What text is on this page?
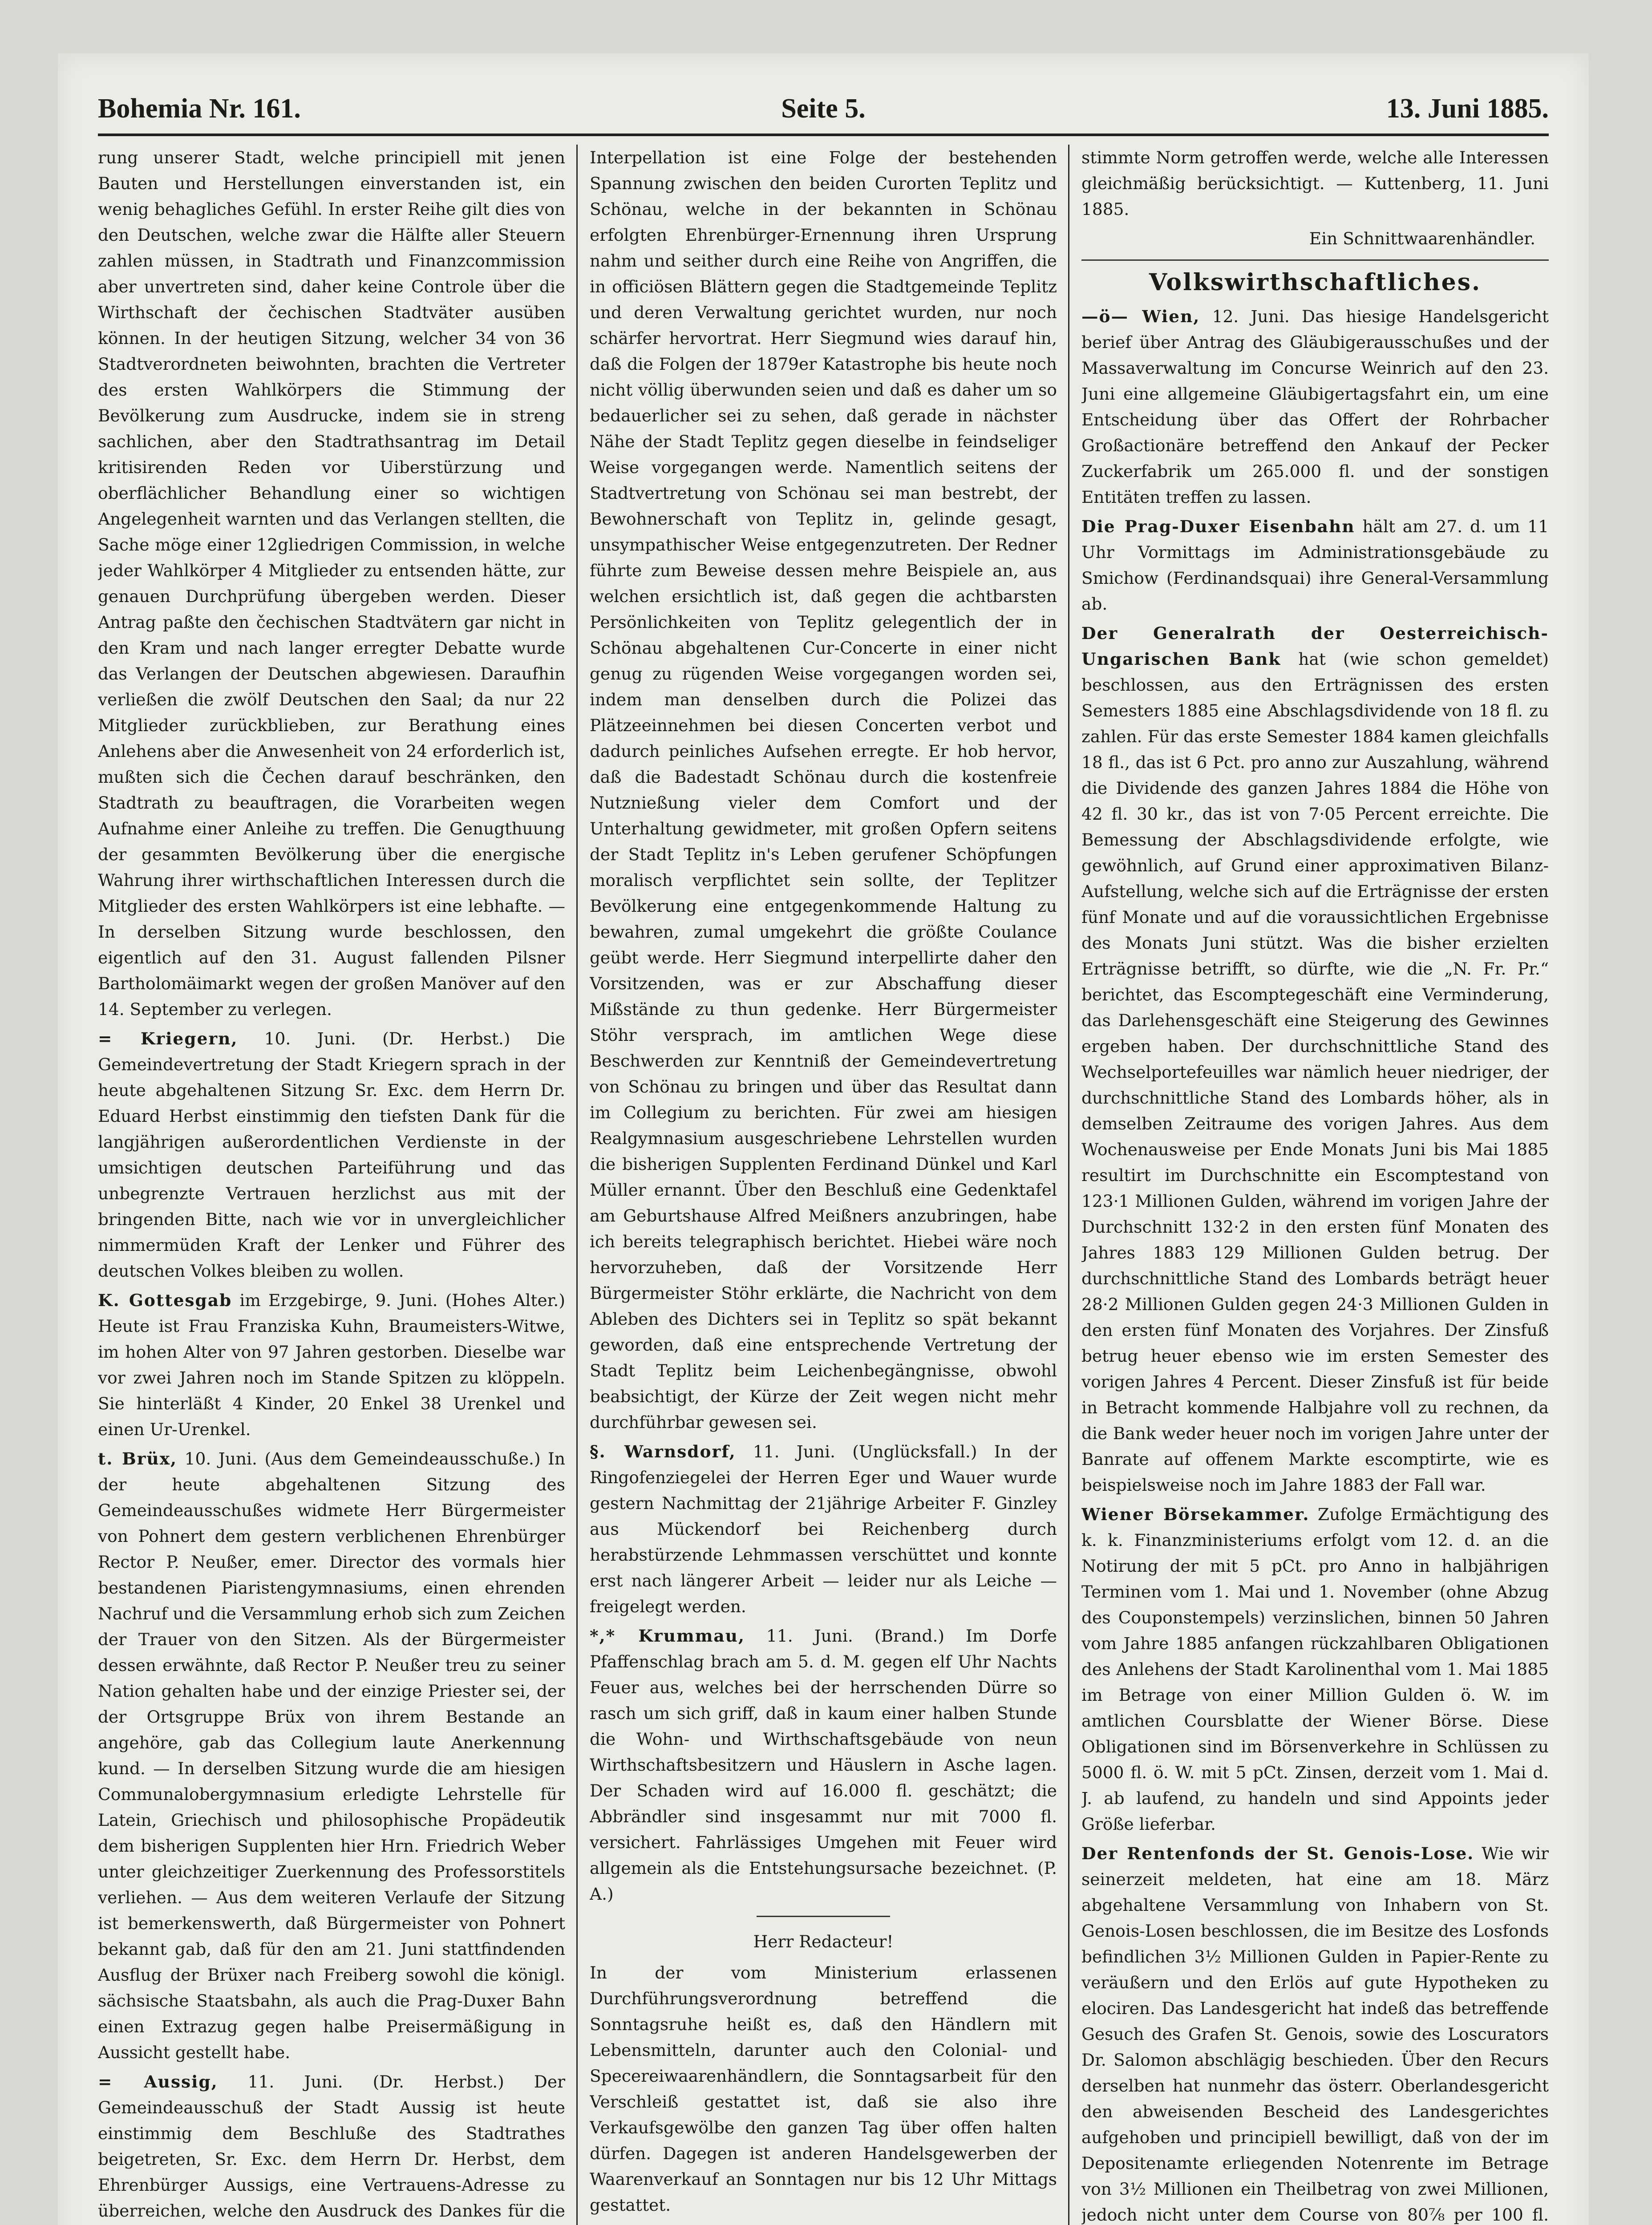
Bohemia Nr. 161.	Seite 5.	13. Juni 1885.

rung unserer Stadt, welche principiell mit jenen Bauten und Herstellungen einverstanden ist, ein wenig behagliches Gefühl. In erster Reihe gilt dies von den Deutschen, welche zwar die Hälfte aller Steuern zahlen müssen, in Stadtrath und Finanzcommission aber unvertreten sind, daher keine Controle über die Wirthschaft der čechischen Stadtväter ausüben können. In der heutigen Sitzung, welcher 34 von 36 Stadtverordneten beiwohnten, brachten die Vertreter des ersten Wahlkörpers die Stimmung der Bevölkerung zum Ausdrucke, indem sie in streng sachlichen, aber den Stadtrathsantrag im Detail kritisirenden Reden vor Uiberstürzung und oberflächlicher Behandlung einer so wichtigen Angelegenheit warnten und das Verlangen stellten, die Sache möge einer 12gliedrigen Commission, in welche jeder Wahlkörper 4 Mitglieder zu entsenden hätte, zur genauen Durchprüfung übergeben werden. Dieser Antrag paßte den čechischen Stadtvätern gar nicht in den Kram und nach langer erregter Debatte wurde das Verlangen der Deutschen abgewiesen. Daraufhin verließen die zwölf Deutschen den Saal; da nur 22 Mitglieder zurückblieben, zur Berathung eines Anlehens aber die Anwesenheit von 24 erforderlich ist, mußten sich die Čechen darauf beschränken, den Stadtrath zu beauftragen, die Vorarbeiten wegen Aufnahme einer Anleihe zu treffen. Die Genugthuung der gesammten Bevölkerung über die energische Wahrung ihrer wirthschaftlichen Interessen durch die Mitglieder des ersten Wahlkörpers ist eine lebhafte. — In derselben Sitzung wurde beschlossen, den eigentlich auf den 31. August fallenden Pilsner Bartholomäimarkt wegen der großen Manöver auf den 14. September zu verlegen.

= Kriegern, 10. Juni. (Dr. Herbst.) Die Gemeindevertretung der Stadt Kriegern sprach in der heute abgehaltenen Sitzung Sr. Exc. dem Herrn Dr. Eduard Herbst einstimmig den tiefsten Dank für die langjährigen außerordentlichen Verdienste in der umsichtigen deutschen Parteiführung und das unbegrenzte Vertrauen herzlichst aus mit der bringenden Bitte, nach wie vor in unvergleichlicher nimmermüden Kraft der Lenker und Führer des deutschen Volkes bleiben zu wollen.

K. Gottesgab im Erzgebirge, 9. Juni. (Hohes Alter.) Heute ist Frau Franziska Kuhn, Braumeisters-Witwe, im hohen Alter von 97 Jahren gestorben. Dieselbe war vor zwei Jahren noch im Stande Spitzen zu klöppeln. Sie hinterläßt 4 Kinder, 20 Enkel 38 Urenkel und einen Ur-Urenkel.

t. Brüx, 10. Juni. (Aus dem Gemeindeausschuße.) In der heute abgehaltenen Sitzung des Gemeindeausschußes widmete Herr Bürgermeister von Pohnert dem gestern verblichenen Ehrenbürger Rector P. Neußer, emer. Director des vormals hier bestandenen Piaristengymnasiums, einen ehrenden Nachruf und die Versammlung erhob sich zum Zeichen der Trauer von den Sitzen. Als der Bürgermeister dessen erwähnte, daß Rector P. Neußer treu zu seiner Nation gehalten habe und der einzige Priester sei, der der Ortsgruppe Brüx von ihrem Bestande an angehöre, gab das Collegium laute Anerkennung kund. — In derselben Sitzung wurde die am hiesigen Communalobergymnasium erledigte Lehrstelle für Latein, Griechisch und philosophische Propädeutik dem bisherigen Supplenten hier Hrn. Friedrich Weber unter gleichzeitiger Zuerkennung des Professorstitels verliehen. — Aus dem weiteren Verlaufe der Sitzung ist bemerkenswerth, daß Bürgermeister von Pohnert bekannt gab, daß für den am 21. Juni stattfindenden Ausflug der Brüxer nach Freiberg sowohl die königl. sächsische Staatsbahn, als auch die Prag-Duxer Bahn einen Extrazug gegen halbe Preisermäßigung in Aussicht gestellt habe.

= Aussig, 11. Juni. (Dr. Herbst.) Der Gemeindeausschuß der Stadt Aussig ist heute einstimmig dem Beschluße des Stadtrathes beigetreten, Sr. Exc. dem Herrn Dr. Herbst, dem Ehrenbürger Aussigs, eine Vertrauens-Adresse zu überreichen, welche den Ausdruck des Dankes für die

Interpellation ist eine Folge der bestehenden Spannung zwischen den beiden Curorten Teplitz und Schönau, welche in der bekannten in Schönau erfolgten Ehrenbürger-Ernennung ihren Ursprung nahm und seither durch eine Reihe von Angriffen, die in officiösen Blättern gegen die Stadtgemeinde Teplitz und deren Verwaltung gerichtet wurden, nur noch schärfer hervortrat. Herr Siegmund wies darauf hin, daß die Folgen der 1879er Katastrophe bis heute noch nicht völlig überwunden seien und daß es daher um so bedauerlicher sei zu sehen, daß gerade in nächster Nähe der Stadt Teplitz gegen dieselbe in feindseliger Weise vorgegangen werde. Namentlich seitens der Stadtvertretung von Schönau sei man bestrebt, der Bewohnerschaft von Teplitz in, gelinde gesagt, unsympathischer Weise entgegenzutreten. Der Redner führte zum Beweise dessen mehre Beispiele an, aus welchen ersichtlich ist, daß gegen die achtbarsten Persönlichkeiten von Teplitz gelegentlich der in Schönau abgehaltenen Cur-Concerte in einer nicht genug zu rügenden Weise vorgegangen worden sei, indem man denselben durch die Polizei das Plätzeeinnehmen bei diesen Concerten verbot und dadurch peinliches Aufsehen erregte. Er hob hervor, daß die Badestadt Schönau durch die kostenfreie Nutznießung vieler dem Comfort und der Unterhaltung gewidmeter, mit großen Opfern seitens der Stadt Teplitz in's Leben gerufener Schöpfungen moralisch verpflichtet sein sollte, der Teplitzer Bevölkerung eine entgegenkommende Haltung zu bewahren, zumal umgekehrt die größte Coulance geübt werde. Herr Siegmund interpellirte daher den Vorsitzenden, was er zur Abschaffung dieser Mißstände zu thun gedenke. Herr Bürgermeister Stöhr versprach, im amtlichen Wege diese Beschwerden zur Kenntniß der Gemeindevertretung von Schönau zu bringen und über das Resultat dann im Collegium zu berichten. Für zwei am hiesigen Realgymnasium ausgeschriebene Lehrstellen wurden die bisherigen Supplenten Ferdinand Dünkel und Karl Müller ernannt. Über den Beschluß eine Gedenktafel am Geburtshause Alfred Meißners anzubringen, habe ich bereits telegraphisch berichtet. Hiebei wäre noch hervorzuheben, daß der Vorsitzende Herr Bürgermeister Stöhr erklärte, die Nachricht von dem Ableben des Dichters sei in Teplitz so spät bekannt geworden, daß eine entsprechende Vertretung der Stadt Teplitz beim Leichenbegängnisse, obwohl beabsichtigt, der Kürze der Zeit wegen nicht mehr durchführbar gewesen sei.

§. Warnsdorf, 11. Juni. (Unglücksfall.) In der Ringofenziegelei der Herren Eger und Wauer wurde gestern Nachmittag der 21jährige Arbeiter F. Ginzley aus Mückendorf bei Reichenberg durch herabstürzende Lehmmassen verschüttet und konnte erst nach längerer Arbeit — leider nur als Leiche — freigelegt werden.

*,* Krummau, 11. Juni. (Brand.) Im Dorfe Pfaffenschlag brach am 5. d. M. gegen elf Uhr Nachts Feuer aus, welches bei der herrschenden Dürre so rasch um sich griff, daß in kaum einer halben Stunde die Wohn- und Wirthschaftsgebäude von neun Wirthschaftsbesitzern und Häuslern in Asche lagen. Der Schaden wird auf 16.000 fl. geschätzt; die Abbrändler sind insgesammt nur mit 7000 fl. versichert. Fahrlässiges Umgehen mit Feuer wird allgemein als die Entstehungsursache bezeichnet. (P. A.)

Herr Redacteur!

In der vom Ministerium erlassenen Durchführungsverordnung betreffend die Sonntagsruhe heißt es, daß den Händlern mit Lebensmitteln, darunter auch den Colonial- und Specereiwaarenhändlern, die Sonntagsarbeit für den Verschleiß gestattet ist, daß sie also ihre Verkaufsgewölbe den ganzen Tag über offen halten dürfen. Dagegen ist anderen Handelsgewerben der Waarenverkauf an Sonntagen nur bis 12 Uhr Mittags gestattet.

stimmte Norm getroffen werde, welche alle Interessen gleichmäßig berücksichtigt. — Kuttenberg, 11. Juni 1885.

Ein Schnittwaarenhändler.

Volkswirthschaftliches.

—ö— Wien, 12. Juni. Das hiesige Handelsgericht berief über Antrag des Gläubigerausschußes und der Massaverwaltung im Concurse Weinrich auf den 23. Juni eine allgemeine Gläubigertagsfahrt ein, um eine Entscheidung über das Offert der Rohrbacher Großactionäre betreffend den Ankauf der Pecker Zuckerfabrik um 265.000 fl. und der sonstigen Entitäten treffen zu lassen.

Die Prag-Duxer Eisenbahn hält am 27. d. um 11 Uhr Vormittags im Administrationsgebäude zu Smichow (Ferdinandsquai) ihre General-Versammlung ab.

Der Generalrath der Oesterreichisch-Ungarischen Bank hat (wie schon gemeldet) beschlossen, aus den Erträgnissen des ersten Semesters 1885 eine Abschlagsdividende von 18 fl. zu zahlen. Für das erste Semester 1884 kamen gleichfalls 18 fl., das ist 6 Pct. pro anno zur Auszahlung, während die Dividende des ganzen Jahres 1884 die Höhe von 42 fl. 30 kr., das ist von 7·05 Percent erreichte. Die Bemessung der Abschlagsdividende erfolgte, wie gewöhnlich, auf Grund einer approximativen Bilanz-Aufstellung, welche sich auf die Erträgnisse der ersten fünf Monate und auf die voraussichtlichen Ergebnisse des Monats Juni stützt. Was die bisher erzielten Erträgnisse betrifft, so dürfte, wie die „N. Fr. Pr.“ berichtet, das Escomptegeschäft eine Verminderung, das Darlehensgeschäft eine Steigerung des Gewinnes ergeben haben. Der durchschnittliche Stand des Wechselportefeuilles war nämlich heuer niedriger, der durchschnittliche Stand des Lombards höher, als in demselben Zeitraume des vorigen Jahres. Aus dem Wochenausweise per Ende Monats Juni bis Mai 1885 resultirt im Durchschnitte ein Escomptestand von 123·1 Millionen Gulden, während im vorigen Jahre der Durchschnitt 132·2 in den ersten fünf Monaten des Jahres 1883 129 Millionen Gulden betrug. Der durchschnittliche Stand des Lombards beträgt heuer 28·2 Millionen Gulden gegen 24·3 Millionen Gulden in den ersten fünf Monaten des Vorjahres. Der Zinsfuß betrug heuer ebenso wie im ersten Semester des vorigen Jahres 4 Percent. Dieser Zinsfuß ist für beide in Betracht kommende Halbjahre voll zu rechnen, da die Bank weder heuer noch im vorigen Jahre unter der Banrate auf offenem Markte escomptirte, wie es beispielsweise noch im Jahre 1883 der Fall war.

Wiener Börsekammer. Zufolge Ermächtigung des k. k. Finanzministeriums erfolgt vom 12. d. an die Notirung der mit 5 pCt. pro Anno in halbjährigen Terminen vom 1. Mai und 1. November (ohne Abzug des Couponstempels) verzinslichen, binnen 50 Jahren vom Jahre 1885 anfangen rückzahlbaren Obligationen des Anlehens der Stadt Karolinenthal vom 1. Mai 1885 im Betrage von einer Million Gulden ö. W. im amtlichen Coursblatte der Wiener Börse. Diese Obligationen sind im Börsenverkehre in Schlüssen zu 5000 fl. ö. W. mit 5 pCt. Zinsen, derzeit vom 1. Mai d. J. ab laufend, zu handeln und sind Appoints jeder Größe lieferbar.

Der Rentenfonds der St. Genois-Lose. Wie wir seinerzeit meldeten, hat eine am 18. März abgehaltene Versammlung von Inhabern von St. Genois-Losen beschlossen, die im Besitze des Losfonds befindlichen 3½ Millionen Gulden in Papier-Rente zu veräußern und den Erlös auf gute Hypotheken zu elociren. Das Landesgericht hat indeß das betreffende Gesuch des Grafen St. Genois, sowie des Loscurators Dr. Salomon abschlägig beschieden. Über den Recurs derselben hat nunmehr das österr. Oberlandesgericht den abweisenden Bescheid des Landesgerichtes aufgehoben und principiell bewilligt, daß von der im Depositenamte erliegenden Notenrente im Betrage von 3½ Millionen ein Theilbetrag von zwei Millionen, jedoch nicht unter dem Course von 80⅞ per 100 fl.
